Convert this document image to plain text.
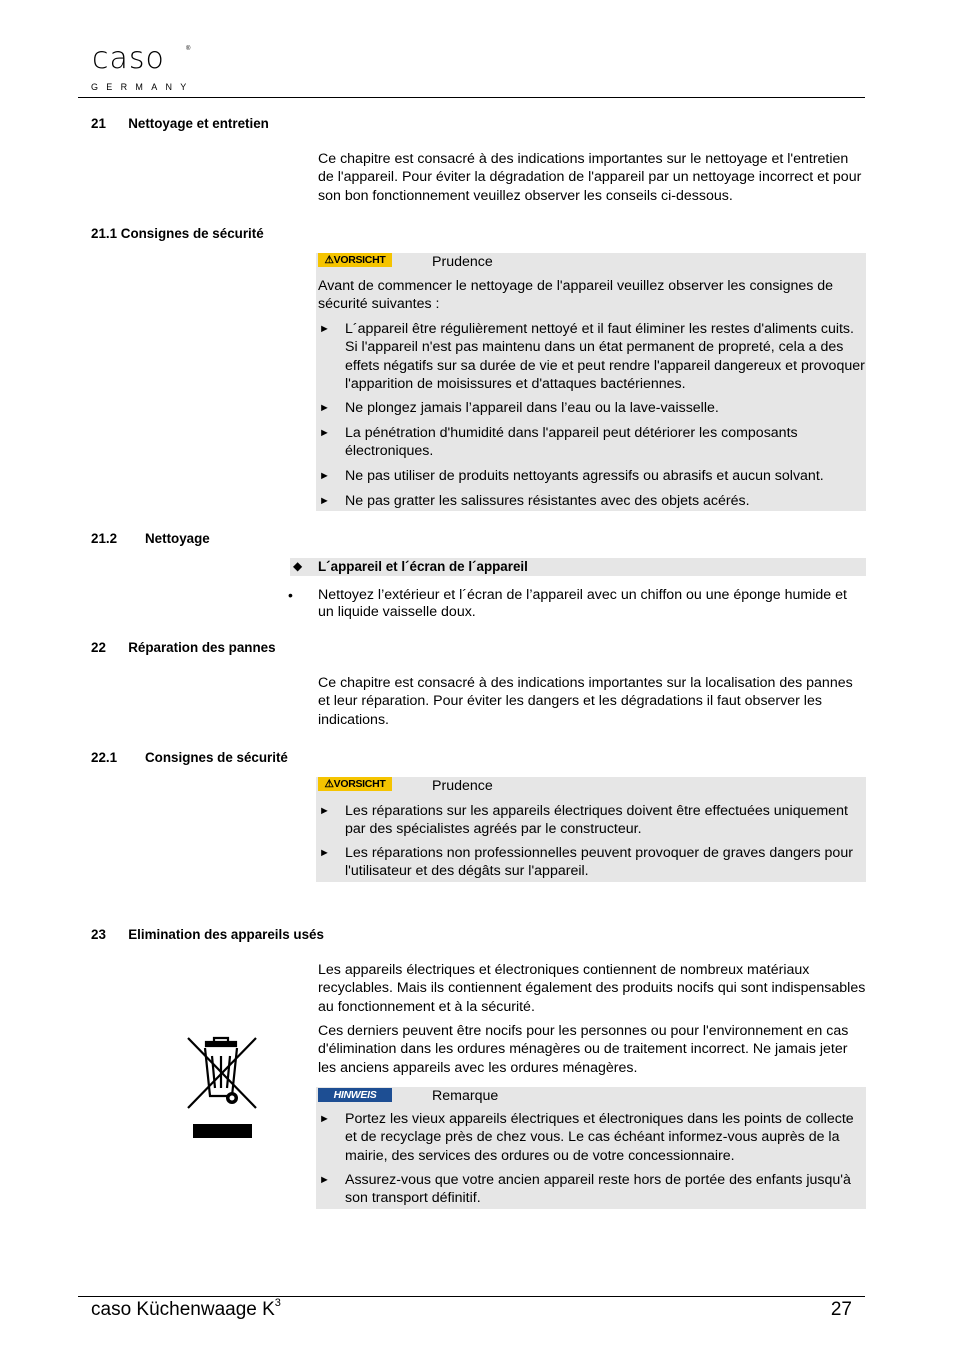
caso	®
GERMANY
21      Nettoyage et entretien
Ce chapitre est consacré à des indications importantes sur le nettoyage et l'entretien de l'appareil. Pour éviter la dégradation de l'appareil par un nettoyage incorrect et pour son bon fonctionnement veuillez observer les conseils ci-dessous.
21.1 Consignes de sécurité
⚠VORSICHT	Prudence
Avant de commencer le nettoyage de l'appareil veuillez observer les consignes de sécurité suivantes :
► L´appareil être régulièrement nettoyé et il faut éliminer les restes d'aliments cuits. Si l'appareil n'est pas maintenu dans un état permanent de propreté, cela a des effets négatifs sur sa durée de vie et peut rendre l'appareil dangereux et provoquer l'apparition de moisissures et d'attaques bactériennes.
► Ne plongez jamais l’appareil dans l’eau ou la lave-vaisselle.
► La pénétration d'humidité dans l'appareil peut détériorer les composants électroniques.
► Ne pas utiliser de produits nettoyants agressifs ou abrasifs et aucun solvant.
► Ne pas gratter les salissures résistantes avec des objets acérés.
21.2 Nettoyage
◆ L´appareil et l´écran de l´appareil
• Nettoyez l’extérieur et l´écran de l’appareil avec un chiffon ou une éponge humide et un liquide vaisselle doux.
22      Réparation des pannes
Ce chapitre est consacré à des indications importantes sur la localisation des pannes et leur réparation. Pour éviter les dangers et les dégradations il faut observer les indications.
22.1 Consignes de sécurité
⚠VORSICHT	Prudence
► Les réparations sur les appareils électriques doivent être effectuées uniquement par des spécialistes agréés par le constructeur.
► Les réparations non professionnelles peuvent provoquer de graves dangers pour l'utilisateur et des dégâts sur l'appareil.
23      Elimination des appareils usés
Les appareils électriques et électroniques contiennent de nombreux matériaux recyclables. Mais ils contiennent également des produits nocifs qui sont indispensables au fonctionnement et à la sécurité.
Ces derniers peuvent être nocifs pour les personnes ou pour l'environnement en cas d'élimination dans les ordures ménagères ou de traitement incorrect. Ne jamais jeter les anciens appareils avec les ordures ménagères.
HINWEIS	Remarque
► Portez les vieux appareils électriques et électroniques dans les points de collecte et de recyclage près de chez vous. Le cas échéant informez-vous auprès de la mairie, des services des ordures ou de votre concessionnaire.
► Assurez-vous que votre ancien appareil reste hors de portée des enfants jusqu'à son transport définitif.
caso Küchenwaage $K^3$	27
